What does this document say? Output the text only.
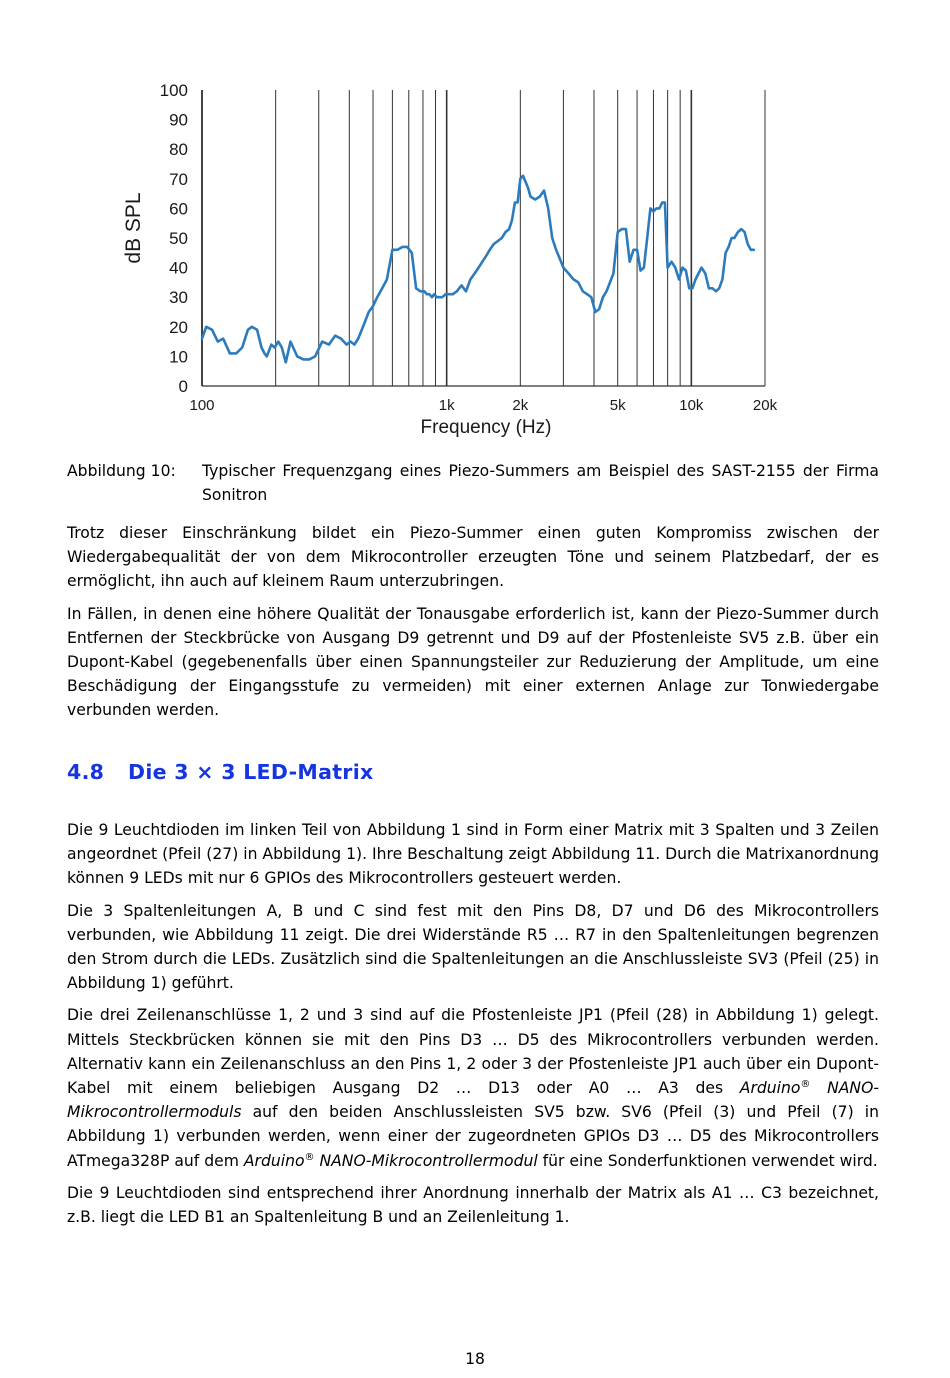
dB SPL
Frequency (Hz)
100
90
80
70
60
50
40
30
20
10
0
100	1k	2k	5k	10k	20k
Abbildung 10: Typischer Frequenzgang eines Piezo-Summers am Beispiel des SAST-2155 der Firma Sonitron

Trotz dieser Einschränkung bildet ein Piezo-Summer einen guten Kompromiss zwischen der Wiedergabequalität der von dem Mikrocontroller erzeugten Töne und seinem Platzbedarf, der es ermöglicht, ihn auch auf kleinem Raum unterzubringen.

In Fällen, in denen eine höhere Qualität der Tonausgabe erforderlich ist, kann der Piezo-Summer durch Entfernen der Steckbrücke von Ausgang D9 getrennt und D9 auf der Pfostenleiste SV5 z.B. über ein Dupont-Kabel (gegebenenfalls über einen Spannungsteiler zur Reduzierung der Amplitude, um eine Beschädigung der Eingangsstufe zu vermeiden) mit einer externen Anlage zur Tonwiedergabe verbunden werden.

4.8 Die 3 × 3 LED-Matrix

Die 9 Leuchtdioden im linken Teil von Abbildung 1 sind in Form einer Matrix mit 3 Spalten und 3 Zeilen angeordnet (Pfeil (27) in Abbildung 1). Ihre Beschaltung zeigt Abbildung 11. Durch die Matrixanordnung können 9 LEDs mit nur 6 GPIOs des Mikrocontrollers gesteuert werden.

Die 3 Spaltenleitungen A, B und C sind fest mit den Pins D8, D7 und D6 des Mikrocontrollers verbunden, wie Abbildung 11 zeigt. Die drei Widerstände R5 … R7 in den Spaltenleitungen begrenzen den Strom durch die LEDs. Zusätzlich sind die Spaltenleitungen an die Anschlussleiste SV3 (Pfeil (25) in Abbildung 1) geführt.

Die drei Zeilenanschlüsse 1, 2 und 3 sind auf die Pfostenleiste JP1 (Pfeil (28) in Abbildung 1) gelegt. Mittels Steckbrücken können sie mit den Pins D3 … D5 des Mikrocontrollers verbunden werden. Alternativ kann ein Zeilenanschluss an den Pins 1, 2 oder 3 der Pfostenleiste JP1 auch über ein Dupont-Kabel mit einem beliebigen Ausgang D2 … D13 oder A0 … A3 des Arduino® NANO-Mikrocontrollermoduls auf den beiden Anschlussleisten SV5 bzw. SV6 (Pfeil (3) und Pfeil (7) in Abbildung 1) verbunden werden, wenn einer der zugeordneten GPIOs D3 … D5 des Mikrocontrollers ATmega328P auf dem Arduino® NANO-Mikrocontrollermodul für eine Sonderfunktionen verwendet wird.

Die 9 Leuchtdioden sind entsprechend ihrer Anordnung innerhalb der Matrix als A1 … C3 bezeichnet, z.B. liegt die LED B1 an Spaltenleitung B und an Zeilenleitung 1.

18
